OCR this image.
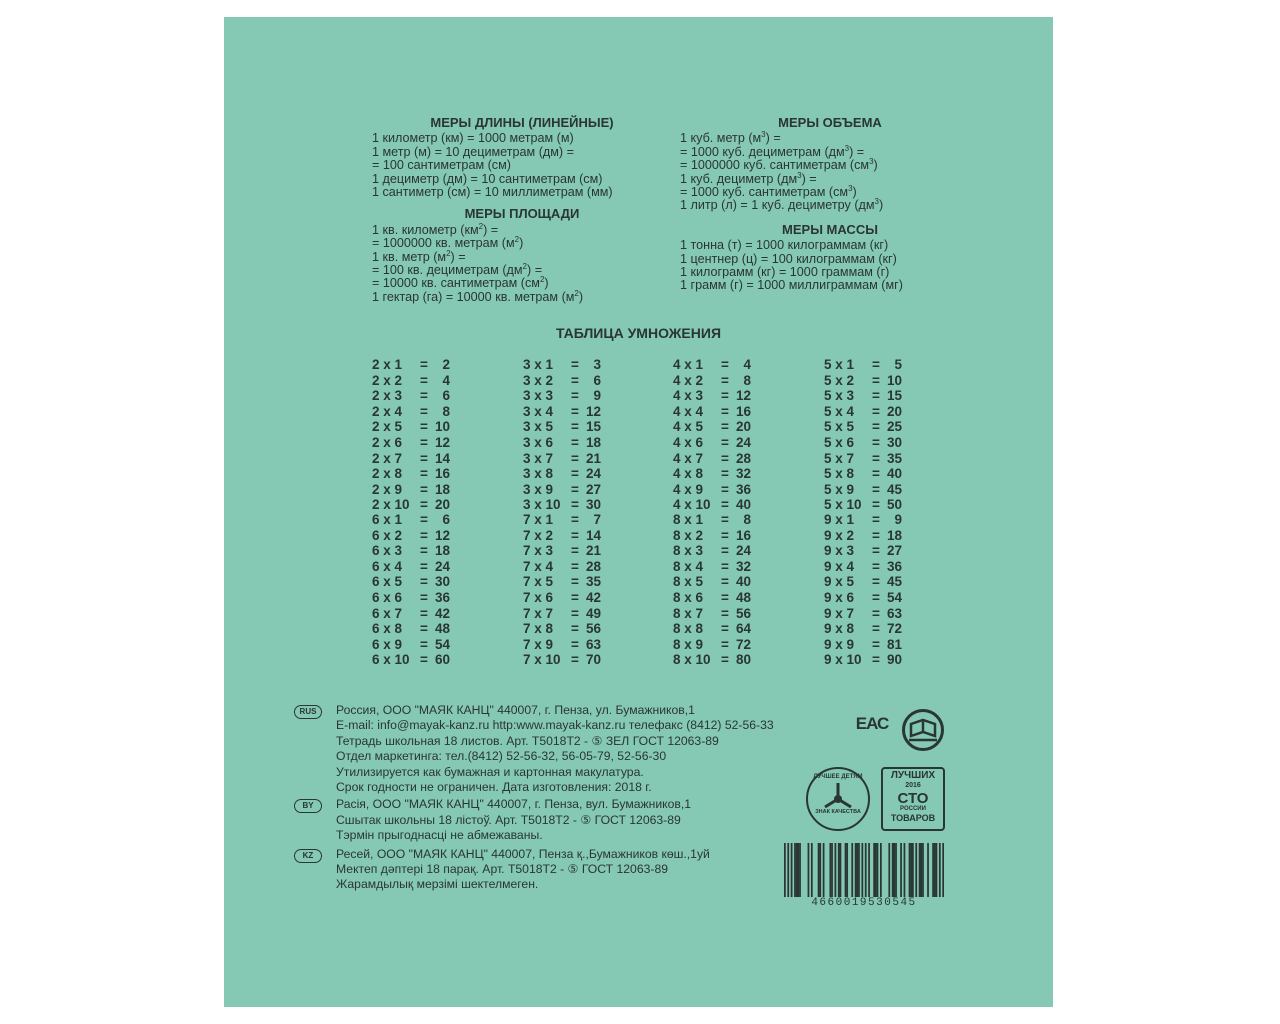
МЕРЫ ДЛИНЫ (ЛИНЕЙНЫЕ)
1 километр (км) = 1000 метрам (м)
1 метр (м) = 10 дециметрам (дм) =
= 100 сантиметрам (см)
1 дециметр (дм) = 10 сантиметрам (см)
1 сантиметр (см) = 10 миллиметрам (мм)
МЕРЫ ПЛОЩАДИ
1 кв. километр $(км^2)$ =
= 1000000 кв. метрам $(м^2)$
1 кв. метр $(м^2)$ =
= 100 кв. дециметрам $(дм^2)$ =
= 10000 кв. сантиметрам $(см^2)$
1 гектар (га) = 10000 кв. метрам $(м^2)$
МЕРЫ ОБЪЕМА
1 куб. метр $(м^3)$ =
= 1000 куб. дециметрам $(дм^3)$ =
= 1000000 куб. сантиметрам $(см^3)$
1 куб. дециметр $(дм^3)$ =
= 1000 куб. сантиметрам $(см^3)$
1 литр (л) = 1 куб. дециметру $(дм^3)$
МЕРЫ МАССЫ
1 тонна (т) = 1000 килограммам (кг)
1 центнер (ц) = 100 килограммам (кг)
1 килограмм (кг) = 1000 граммам (г)
1 грамм (г) = 1000 миллиграммам (мг)
ТАБЛИЦА УМНОЖЕНИЯ
2 x 1 = 2
2 x 2 = 4
2 x 3 = 6
2 x 4 = 8
2 x 5 = 10
2 x 6 = 12
2 x 7 = 14
2 x 8 = 16
2 x 9 = 18
2 x 10 = 20
3 x 1 = 3
3 x 2 = 6
3 x 3 = 9
3 x 4 = 12
3 x 5 = 15
3 x 6 = 18
3 x 7 = 21
3 x 8 = 24
3 x 9 = 27
3 x 10 = 30
4 x 1 = 4
4 x 2 = 8
4 x 3 = 12
4 x 4 = 16
4 x 5 = 20
4 x 6 = 24
4 x 7 = 28
4 x 8 = 32
4 x 9 = 36
4 x 10 = 40
5 x 1 = 5
5 x 2 = 10
5 x 3 = 15
5 x 4 = 20
5 x 5 = 25
5 x 6 = 30
5 x 7 = 35
5 x 8 = 40
5 x 9 = 45
5 x 10 = 50
6 x 1 = 6
6 x 2 = 12
6 x 3 = 18
6 x 4 = 24
6 x 5 = 30
6 x 6 = 36
6 x 7 = 42
6 x 8 = 48
6 x 9 = 54
6 x 10 = 60
7 x 1 = 7
7 x 2 = 14
7 x 3 = 21
7 x 4 = 28
7 x 5 = 35
7 x 6 = 42
7 x 7 = 49
7 x 8 = 56
7 x 9 = 63
7 x 10 = 70
8 x 1 = 8
8 x 2 = 16
8 x 3 = 24
8 x 4 = 32
8 x 5 = 40
8 x 6 = 48
8 x 7 = 56
8 x 8 = 64
8 x 9 = 72
8 x 10 = 80
9 x 1 = 9
9 x 2 = 18
9 x 3 = 27
9 x 4 = 36
9 x 5 = 45
9 x 6 = 54
9 x 7 = 63
9 x 8 = 72
9 x 9 = 81
9 x 10 = 90
RUS	Россия, ООО "МАЯК КАНЦ" 440007, г. Пенза, ул. Бумажников,1
E-mail: info@mayak-kanz.ru http:www.mayak-kanz.ru телефакс (8412) 52-56-33
Тетрадь школьная 18 листов. Арт. Т5018Т2 - ⑤ ЗЕЛ ГОСТ 12063-89
Отдел маркетинга: тел.(8412) 52-56-32, 56-05-79, 52-56-30
Утилизируется как бумажная и картонная макулатура.
Срок годности не ограничен. Дата изготовления: 2018 г.
BY	Расія, ООО "МАЯК КАНЦ" 440007, г. Пенза, вул. Бумажников,1
Сшытак школьны 18 лістоў. Арт. Т5018Т2 - ⑤ ГОСТ 12063-89
Тэрмін прыгоднасці не абмежаваны.
KZ	Ресей, ООО "МАЯК КАНЦ" 440007, Пенза қ.,Бумажников көш.,1уй
Мектеп дәптері 18 парақ. Арт. Т5018Т2 - ⑤ ГОСТ 12063-89
Жарамдылық мерзімі шектелмеген.
ЕАС
ЛУЧШЕЕ ДЕТЯМ
ЗНАК КАЧЕСТВА
ЛУЧШИХ
2016
СТО
РОССИИ
ТОВАРОВ
4660019530545
